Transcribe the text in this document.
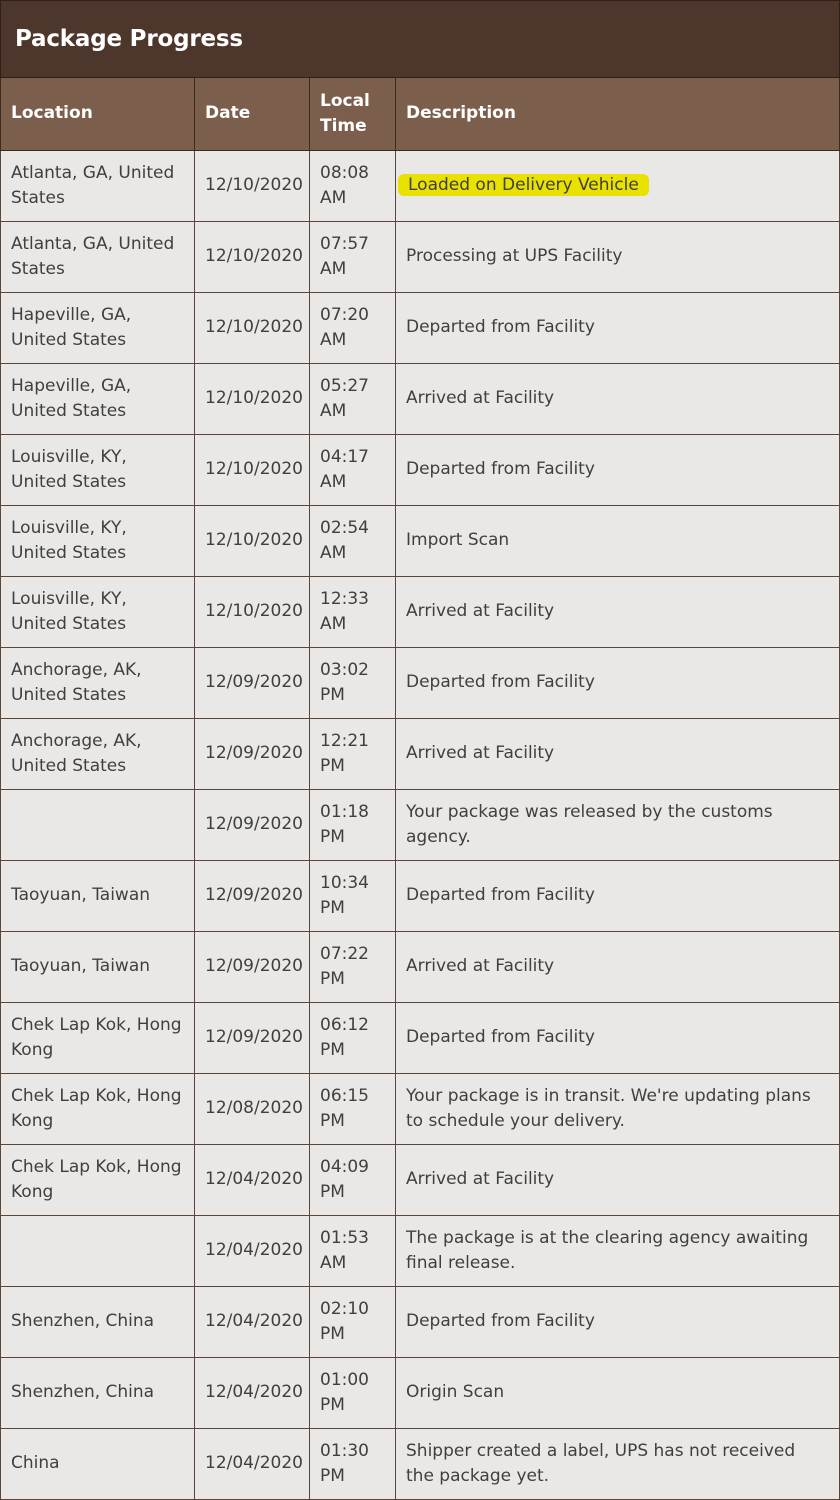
Package Progress
Location	Date	Local Time	Description
Atlanta, GA, United States	12/10/2020	08:08 AM	Loaded on Delivery Vehicle
Atlanta, GA, United States	12/10/2020	07:57 AM	Processing at UPS Facility
Hapeville, GA, United States	12/10/2020	07:20 AM	Departed from Facility
Hapeville, GA, United States	12/10/2020	05:27 AM	Arrived at Facility
Louisville, KY, United States	12/10/2020	04:17 AM	Departed from Facility
Louisville, KY, United States	12/10/2020	02:54 AM	Import Scan
Louisville, KY, United States	12/10/2020	12:33 AM	Arrived at Facility
Anchorage, AK, United States	12/09/2020	03:02 PM	Departed from Facility
Anchorage, AK, United States	12/09/2020	12:21 PM	Arrived at Facility
	12/09/2020	01:18 PM	Your package was released by the customs agency.
Taoyuan, Taiwan	12/09/2020	10:34 PM	Departed from Facility
Taoyuan, Taiwan	12/09/2020	07:22 PM	Arrived at Facility
Chek Lap Kok, Hong Kong	12/09/2020	06:12 PM	Departed from Facility
Chek Lap Kok, Hong Kong	12/08/2020	06:15 PM	Your package is in transit. We're updating plans to schedule your delivery.
Chek Lap Kok, Hong Kong	12/04/2020	04:09 PM	Arrived at Facility
	12/04/2020	01:53 AM	The package is at the clearing agency awaiting final release.
Shenzhen, China	12/04/2020	02:10 PM	Departed from Facility
Shenzhen, China	12/04/2020	01:00 PM	Origin Scan
China	12/04/2020	01:30 PM	Shipper created a label, UPS has not received the package yet.
